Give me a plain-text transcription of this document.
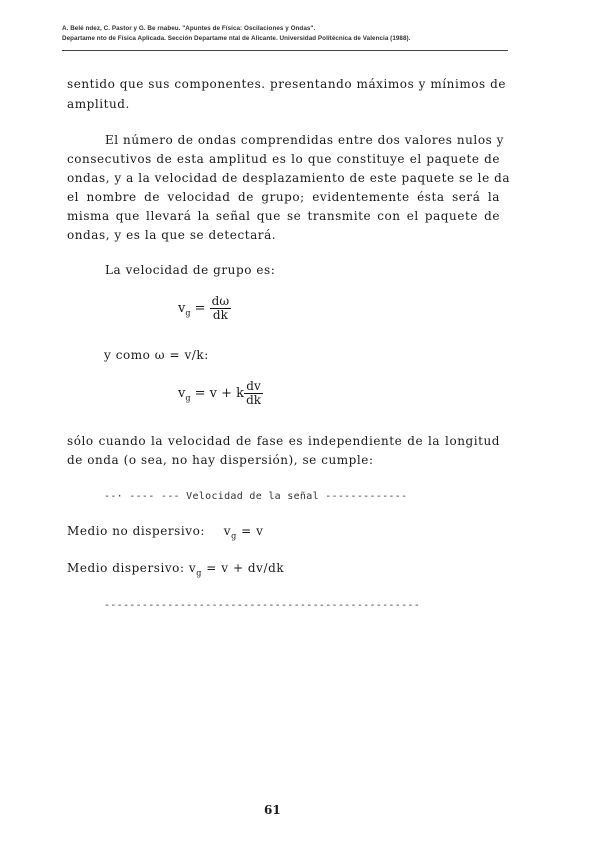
A. Belé ndez, C. Pastor y G. Be rnabeu. "Apuntes de Física: Oscilaciones y Ondas".
Departame nto de Física Aplicada. Sección Departame ntal de Alicante. Universidad Politécnica de Valencia (1988).
sentido que sus componentes. presentando máximos y mínimos de
amplitud.
El número de ondas comprendidas entre dos valores nulos y
consecutivos de esta amplitud es lo que constituye el paquete de
ondas, y a la velocidad de desplazamiento de este paquete se le da
el nombre de velocidad de grupo; evidentemente ésta será la
misma que llevará la señal que se transmite con el paquete de
ondas, y es la que se detectará.
La velocidad de grupo es:
$v_g = \frac{d\omega}{dk}$
y como ω = v/k:
$v_g = v + k \frac{dv}{dk}$
sólo cuando la velocidad de fase es independiente de la longitud
de onda (o sea, no hay dispersión), se cumple:
--· ---- --- Velocidad de la señal -------------
Medio no dispersivo: $v_g = v$
Medio dispersivo: $v_g = v + dv/dk$
--------------------------------------------------
61
